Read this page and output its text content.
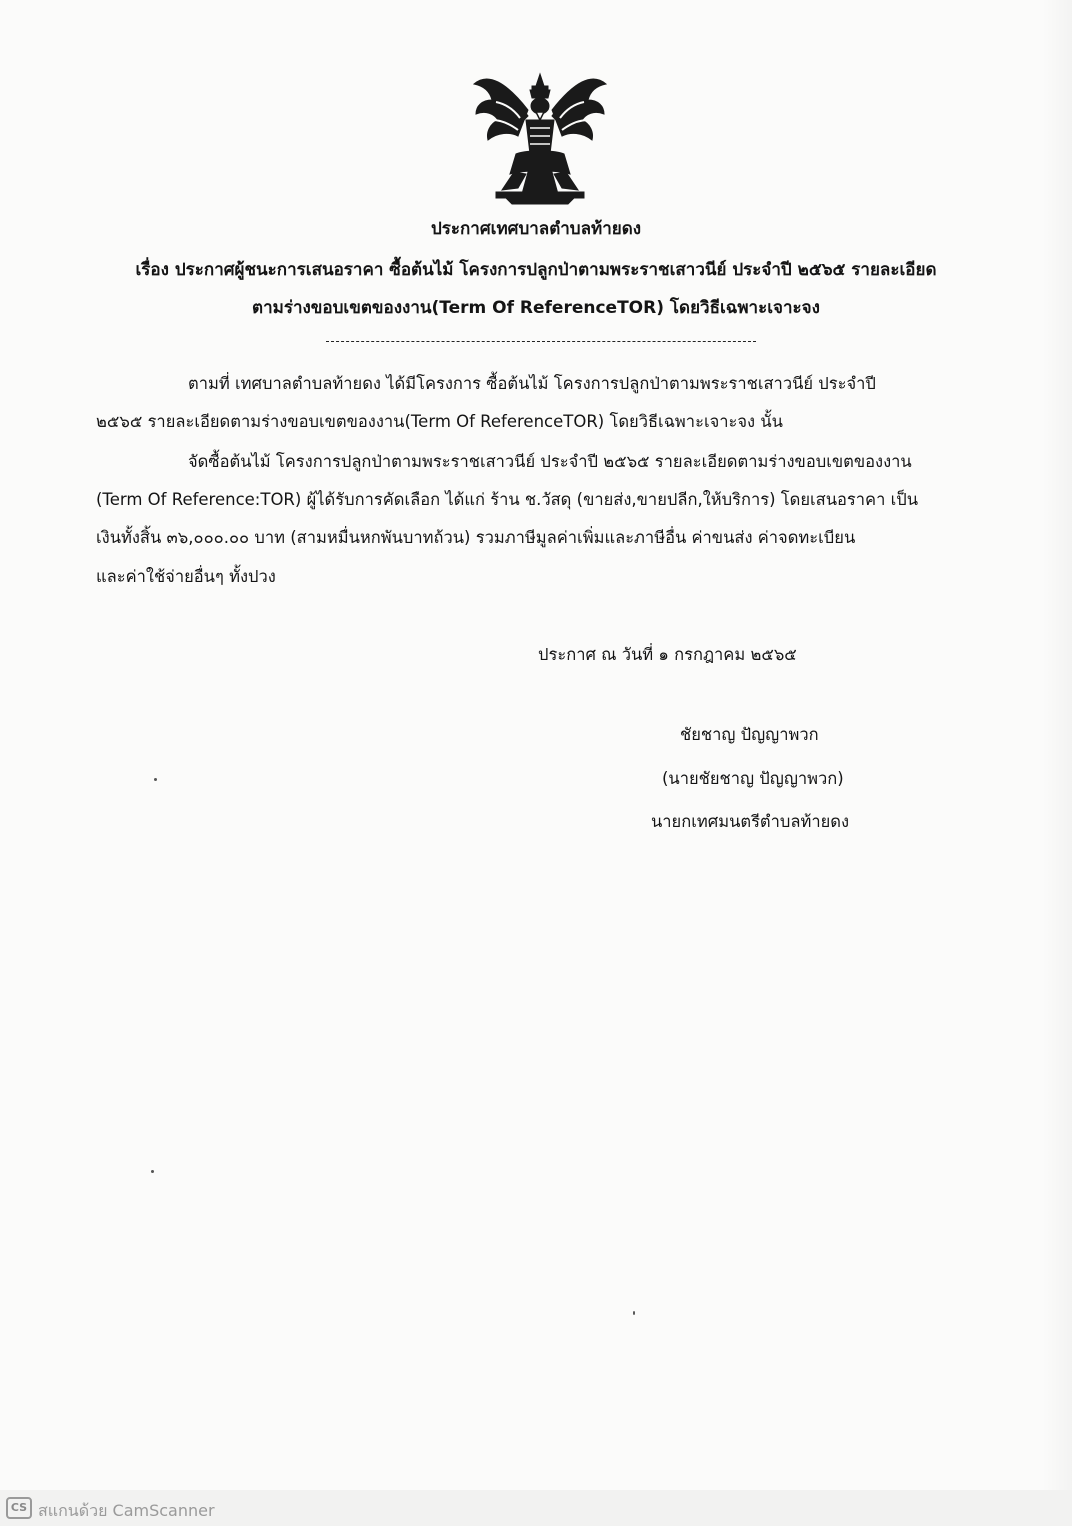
ประกาศเทศบาลตำบลท้ายดง
เรื่อง ประกาศผู้ชนะการเสนอราคา ซื้อต้นไม้ โครงการปลูกป่าตามพระราชเสาวนีย์ ประจำปี ๒๕๖๕ รายละเอียด
ตามร่างขอบเขตของงาน(Term Of ReferenceTOR) โดยวิธีเฉพาะเจาะจง
ตามที่ เทศบาลตำบลท้ายดง ได้มีโครงการ ซื้อต้นไม้ โครงการปลูกป่าตามพระราชเสาวนีย์ ประจำปี
๒๕๖๕ รายละเอียดตามร่างขอบเขตของงาน(Term Of ReferenceTOR) โดยวิธีเฉพาะเจาะจง นั้น
จัดซื้อต้นไม้ โครงการปลูกป่าตามพระราชเสาวนีย์ ประจำปี ๒๕๖๕ รายละเอียดตามร่างขอบเขตของงาน
(Term Of Reference:TOR) ผู้ได้รับการคัดเลือก ได้แก่ ร้าน ช.วัสดุ (ขายส่ง,ขายปลีก,ให้บริการ) โดยเสนอราคา เป็น
เงินทั้งสิ้น ๓๖,๐๐๐.๐๐ บาท (สามหมื่นหกพันบาทถ้วน) รวมภาษีมูลค่าเพิ่มและภาษีอื่น ค่าขนส่ง ค่าจดทะเบียน
และค่าใช้จ่ายอื่นๆ ทั้งปวง
ประกาศ ณ วันที่ ๑ กรกฎาคม ๒๕๖๕
ชัยชาญ ปัญญาพวก
(นายชัยชาญ ปัญญาพวก)
นายกเทศมนตรีตำบลท้ายดง
CS สแกนด้วย CamScanner
